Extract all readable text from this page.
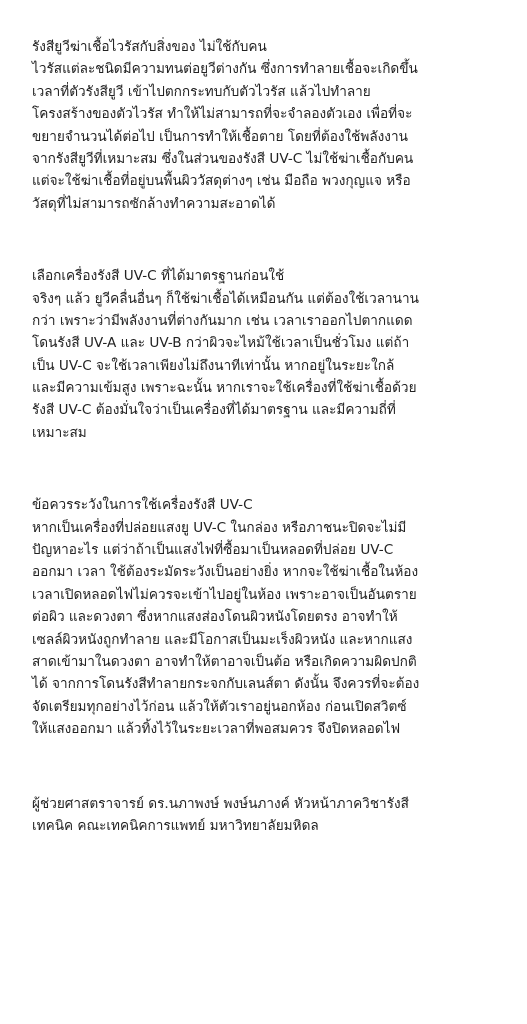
รังสียูวีฆ่าเชื้อไวรัสกับสิ่งของ ไม่ใช้กับคน
ไวรัสแต่ละชนิดมีความทนต่อยูวีต่างกัน ซึ่งการทำลายเชื้อจะเกิดขึ้น
เวลาที่ตัวรังสียูวี เข้าไปตกกระทบกับตัวไวรัส แล้วไปทำลาย
โครงสร้างของตัวไวรัส ทำให้ไม่สามารถที่จะจำลองตัวเอง เพื่อที่จะ
ขยายจำนวนได้ต่อไป เป็นการทำให้เชื้อตาย โดยที่ต้องใช้พลังงาน
จากรังสียูวีที่เหมาะสม ซึ่งในส่วนของรังสี UV-C ไม่ใช้ฆ่าเชื้อกับคน
แต่จะใช้ฆ่าเชื้อที่อยู่บนพื้นผิววัสดุต่างๆ เช่น มือถือ พวงกุญแจ หรือ
วัสดุที่ไม่สามารถซักล้างทำความสะอาดได้
เลือกเครื่องรังสี UV-C ที่ได้มาตรฐานก่อนใช้
จริงๆ แล้ว ยูวีคลื่นอื่นๆ ก็ใช้ฆ่าเชื้อได้เหมือนกัน แต่ต้องใช้เวลานาน
กว่า เพราะว่ามีพลังงานที่ต่างกันมาก เช่น เวลาเราออกไปตากแดด
โดนรังสี UV-A และ UV-B กว่าผิวจะไหม้ใช้เวลาเป็นชั่วโมง แต่ถ้า
เป็น UV-C จะใช้เวลาเพียงไม่ถึงนาทีเท่านั้น หากอยู่ในระยะใกล้
และมีความเข้มสูง เพราะฉะนั้น หากเราจะใช้เครื่องที่ใช้ฆ่าเชื้อด้วย
รังสี UV-C ต้องมั่นใจว่าเป็นเครื่องที่ได้มาตรฐาน และมีความถี่ที่
เหมาะสม
ข้อควรระวังในการใช้เครื่องรังสี UV-C
หากเป็นเครื่องที่ปล่อยแสงยู UV-C ในกล่อง หรือภาชนะปิดจะไม่มี
ปัญหาอะไร แต่ว่าถ้าเป็นแสงไฟที่ซื้อมาเป็นหลอดที่ปล่อย UV-C
ออกมา เวลา ใช้ต้องระมัดระวังเป็นอย่างยิ่ง หากจะใช้ฆ่าเชื้อในห้อง
เวลาเปิดหลอดไฟไม่ควรจะเข้าไปอยู่ในห้อง เพราะอาจเป็นอันตราย
ต่อผิว และดวงตา ซึ่งหากแสงส่องโดนผิวหนังโดยตรง อาจทำให้
เซลล์ผิวหนังถูกทำลาย และมีโอกาสเป็นมะเร็งผิวหนัง และหากแสง
สาดเข้ามาในดวงตา อาจทำให้ตาอาจเป็นต้อ หรือเกิดความผิดปกติ
ได้ จากการโดนรังสีทำลายกระจกกับเลนส์ตา ดังนั้น จึงควรที่จะต้อง
จัดเตรียมทุกอย่างไว้ก่อน แล้วให้ตัวเราอยู่นอกห้อง ก่อนเปิดสวิตซ์
ให้แสงออกมา แล้วทิ้งไว้ในระยะเวลาที่พอสมควร จึงปิดหลอดไฟ
ผู้ช่วยศาสตราจารย์ ดร.นภาพงษ์ พงษ์นภางค์ หัวหน้าภาควิชารังสี
เทคนิค คณะเทคนิคการแพทย์ มหาวิทยาลัยมหิดล
